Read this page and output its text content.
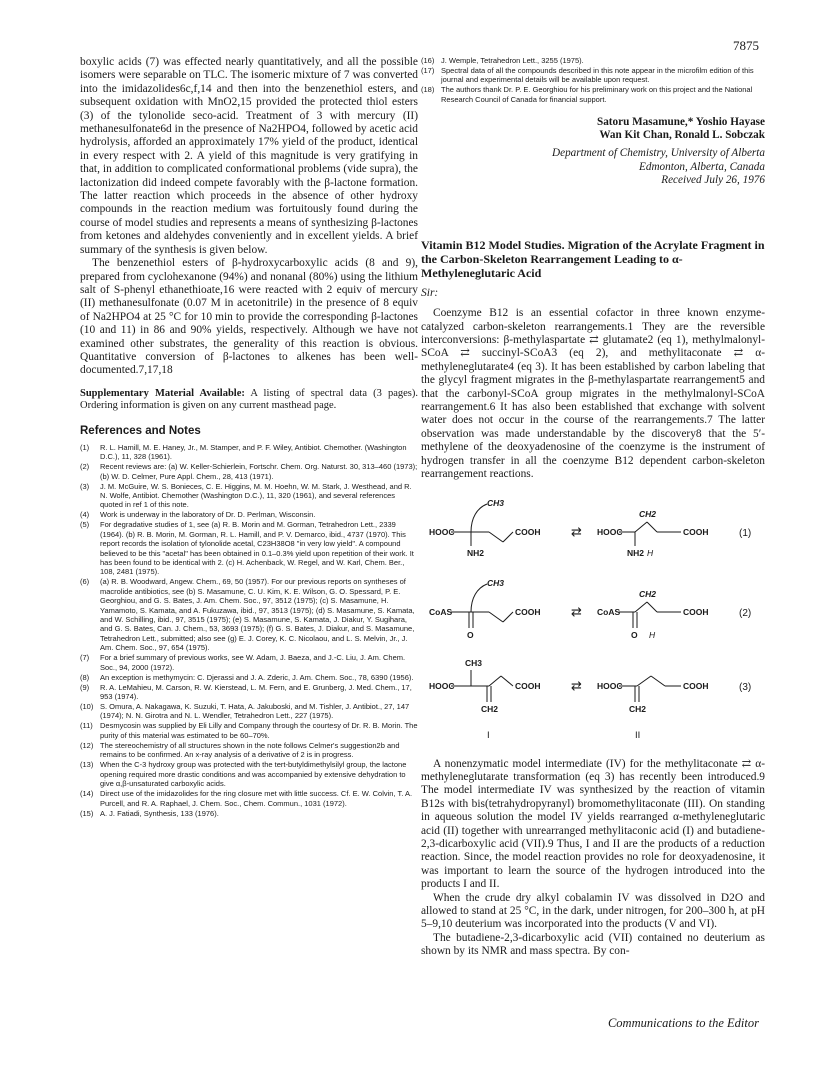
7875

boxylic acids (7) was effected nearly quantitatively, and all the possible isomers were separable on TLC. The isomeric mixture of 7 was converted into the imidazolides6c,f,14 and then into the benzenethiol esters, and subsequent oxidation with MnO2,15 provided the protected thiol esters (3) of the tylonolide seco-acid. Treatment of 3 with mercury (II) methanesulfonate6d in the presence of Na2HPO4, followed by acetic acid hydrolysis, afforded an approximately 17% yield of the product, identical in every respect with 2. A yield of this magnitude is very gratifying in that, in addition to complicated conformational problems (vide supra), the lactonization did indeed compete favorably with the β-lactone formation. The latter reaction which proceeds in the absence of other hydroxy compounds in the reaction medium was fortuitously found during the course of model studies and represents a means of synthesizing β-lactones from ketones and aldehydes conveniently and in excellent yields. A brief summary of the synthesis is given below.

The benzenethiol esters of β-hydroxycarboxylic acids (8 and 9), prepared from cyclohexanone (94%) and nonanal (80%) using the lithium salt of S-phenyl ethanethioate,16 were reacted with 2 equiv of mercury (II) methanesulfonate (0.07 M in acetonitrile) in the presence of 8 equiv of Na2HPO4 at 25 °C for 10 min to provide the corresponding β-lactones (10 and 11) in 86 and 90% yields, respectively. Although we have not examined other substrates, the generality of this reaction is obvious. Quantitative conversion of β-lactones to alkenes has been well-documented.7,17,18

Supplementary Material Available: A listing of spectral data (3 pages). Ordering information is given on any current masthead page.
References and Notes
(1)	R. L. Hamill, M. E. Haney, Jr., M. Stamper, and P. F. Wiley, Antibiot. Chemother. (Washington D.C.), 11, 328 (1961).
(2)	Recent reviews are: (a) W. Keller-Schierlein, Fortschr. Chem. Org. Naturst. 30, 313–460 (1973); (b) W. D. Celmer, Pure Appl. Chem., 28, 413 (1971).
(3)	J. M. McGuire, W. S. Bonieces, C. E. Higgins, M. M. Hoehn, W. M. Stark, J. Westhead, and R. N. Wolfe, Antibiot. Chemother (Washington D.C.), 11, 320 (1961), and several references quoted in ref 1 of this note.
(4)	Work is underway in the laboratory of Dr. D. Perlman, Wisconsin.
(5)	For degradative studies of 1, see (a) R. B. Morin and M. Gorman, Tetrahedron Lett., 2339 (1964). (b) R. B. Morin, M. Gorman, R. L. Hamill, and P. V. Demarco, ibid., 4737 (1970). This report records the isolation of tylonolide acetal, C23H38O8 "in very low yield". A compound believed to be this "acetal" has been obtained in 0.1–0.3% yield upon repetition of their work. It has been found to be identical with 2. (c) H. Achenback, W. Regel, and W. Karl, Chem. Ber., 108, 2481 (1975).
(6)	(a) R. B. Woodward, Angew. Chem., 69, 50 (1957). For our previous reports on syntheses of macrolide antibiotics, see (b) S. Masamune, C. U. Kim, K. E. Wilson, G. O. Spessard, P. E. Georghiou, and G. S. Bates, J. Am. Chem. Soc., 97, 3512 (1975); (c) S. Masamune, H. Yamamoto, S. Kamata, and A. Fukuzawa, ibid., 97, 3513 (1975); (d) S. Masamune, S. Kamata, and W. Schilling, ibid., 97, 3515 (1975); (e) S. Masamune, S. Kamata, J. Diakur, Y. Sugihara, and G. S. Bates, Can. J. Chem., 53, 3693 (1975); (f) G. S. Bates, J. Diakur, and S. Masamune, Tetrahedron Lett., submitted; also see (g) E. J. Corey, K. C. Nicolaou, and L. S. Melvin, Jr., J. Am. Chem. Soc., 97, 654 (1975).
(7)	For a brief summary of previous works, see W. Adam, J. Baeza, and J.-C. Liu, J. Am. Chem. Soc., 94, 2000 (1972).
(8)	An exception is methymycin: C. Djerassi and J. A. Zderic, J. Am. Chem. Soc., 78, 6390 (1956).
(9)	R. A. LeMahieu, M. Carson, R. W. Kierstead, L. M. Fern, and E. Grunberg, J. Med. Chem., 17, 953 (1974).
(10) S. Omura, A. Nakagawa, K. Suzuki, T. Hata, A. Jakuboski, and M. Tishler, J. Antibiot., 27, 147 (1974); N. N. Girotra and N. L. Wendler, Tetrahedron Lett., 227 (1975).
(11) Desmycosin was supplied by Eli Lilly and Company through the courtesy of Dr. R. B. Morin. The purity of this material was estimated to be 60–70%.
(12) The stereochemistry of all structures shown in the note follows Celmer's suggestion2b and remains to be confirmed. An x-ray analysis of a derivative of 2 is in progress.
(13) When the C-3 hydroxy group was protected with the tert-butyldimethylsilyl group, the lactone opening required more drastic conditions and was accompanied by extensive dehydration to give α,β-unsaturated carboxylic acids.
(14) Direct use of the imidazolides for the ring closure met with little success. Cf. E. W. Colvin, T. A. Purcell, and R. A. Raphael, J. Chem. Soc., Chem. Commun., 1031 (1972).
(15) A. J. Fatiadi, Synthesis, 133 (1976).
(16) J. Wemple, Tetrahedron Lett., 3255 (1975).
(17) Spectral data of all the compounds described in this note appear in the microfilm edition of this journal and experimental details will be available upon request.
(18) The authors thank Dr. P. E. Georghiou for his preliminary work on this project and the National Research Council of Canada for financial support.
Satoru Masamune,* Yoshio Hayase
Wan Kit Chan, Ronald L. Sobczak
Department of Chemistry, University of Alberta
Edmonton, Alberta, Canada
Received July 26, 1976
Vitamin B12 Model Studies. Migration of the Acrylate Fragment in the Carbon-Skeleton Rearrangement Leading to α-Methyleneglutaric Acid
Sir:

Coenzyme B12 is an essential cofactor in three known enzyme-catalyzed carbon-skeleton rearrangements.1 They are the reversible interconversions: β-methylaspartate ⇄ glutamate2 (eq 1), methylmalonyl-SCoA ⇄ succinyl-SCoA3 (eq 2), and methylitaconate ⇄ α-methyleneglutarate4 (eq 3). It has been established by carbon labeling that the glycyl fragment migrates in the β-methylaspartate rearrangement5 and that the carbonyl-SCoA group migrates in the methylmalonyl-SCoA rearrangement.6 It has also been established that exchange with solvent water does not occur in the course of the rearrangements.7 The latter observation was made understandable by the discovery8 that the 5′-methylene of the deoxyadenosine of the coenzyme is the instrument of hydrogen transfer in all the coenzyme B12 dependent carbon-skeleton rearrangement reactions.

HOOC
NH2
CH3
COOH ⇄ HOOC
NH2 H
CH2
COOH	(1)
CoAS
O
CH3
COOH ⇄ CoAS
O H
CH2
COOH	(2)
CH3
HOOC	COOH
CH2
⇄ HOOC
CH2
COOH	(3)
I	II

A nonenzymatic model intermediate (IV) for the methylitaconate ⇄ α-methyleneglutarate transformation (eq 3) has recently been introduced.9 The model intermediate IV was synthesized by the reaction of vitamin B12s with bis(tetrahydropyranyl) bromomethylitaconate (III). On standing in aqueous solution the model IV yields rearranged α-methyleneglutaric acid (II) together with unrearranged methylitaconic acid (I) and butadiene-2,3-dicarboxylic acid (VII).9 Thus, I and II are the products of a reduction reaction. Since, the model reaction provides no role for deoxyadenosine, it was important to learn the source of the hydrogen introduced into the products I and II.

When the crude dry alkyl cobalamin IV was dissolved in D2O and allowed to stand at 25 °C, in the dark, under nitrogen, for 200–300 h, at pH 5–9,10 deuterium was incorporated into the products (V and VI).

The butadiene-2,3-dicarboxylic acid (VII) contained no deuterium as shown by its NMR and mass spectra. By con-

Communications to the Editor
